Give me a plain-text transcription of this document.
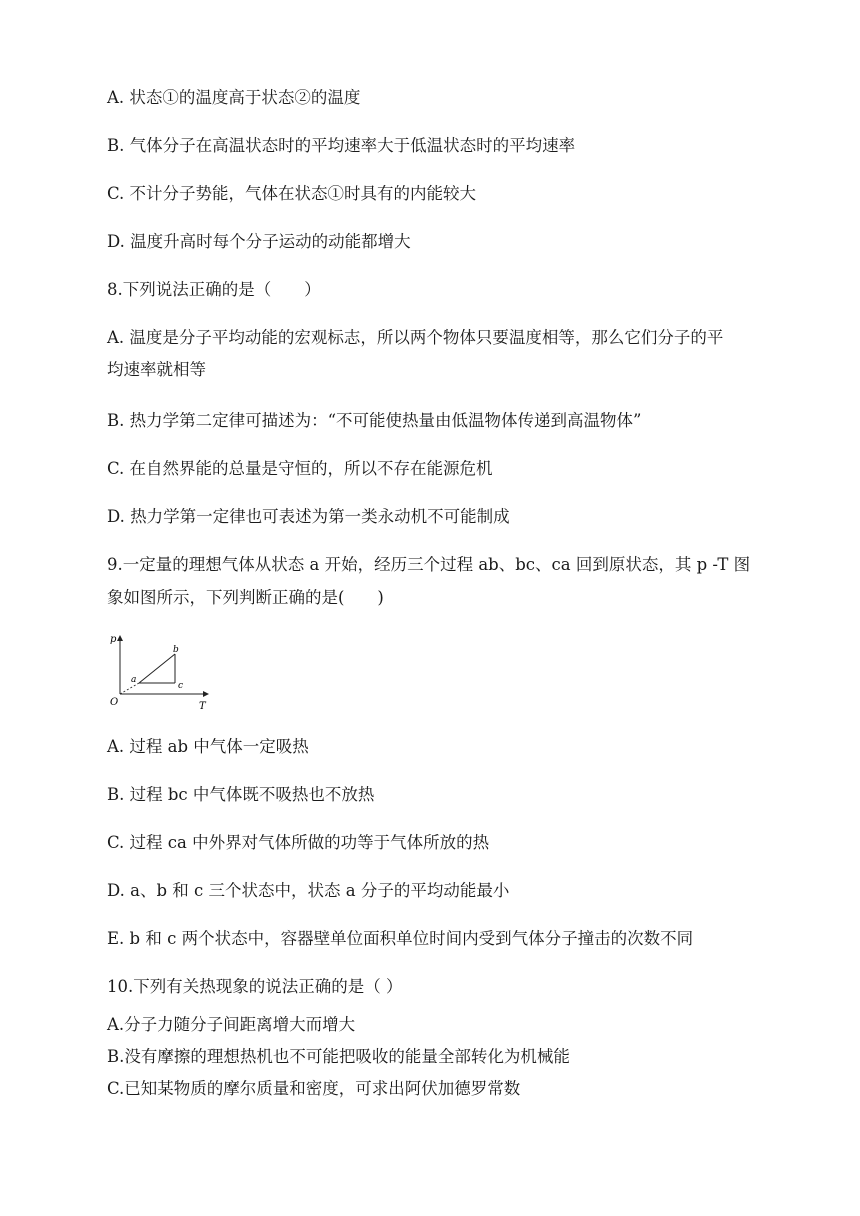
A. 状态①的温度高于状态②的温度

B. 气体分子在高温状态时的平均速率大于低温状态时的平均速率

C. 不计分子势能，气体在状态①时具有的内能较大

D. 温度升高时每个分子运动的动能都增大

8.下列说法正确的是（　　）

A. 温度是分子平均动能的宏观标志，所以两个物体只要温度相等，那么它们分子的平

均速率就相等

B. 热力学第二定律可描述为：“不可能使热量由低温物体传递到高温物体”

C. 在自然界能的总量是守恒的，所以不存在能源危机

D. 热力学第一定律也可表述为第一类永动机不可能制成

9.一定量的理想气体从状态 a 开始，经历三个过程 ab、bc、ca 回到原状态，其 p -T 图

象如图所示，下列判断正确的是(　　)

p
T
O
a
b
c

A. 过程 ab 中气体一定吸热

B. 过程 bc 中气体既不吸热也不放热

C. 过程 ca 中外界对气体所做的功等于气体所放的热

D. a、b 和 c 三个状态中，状态 a 分子的平均动能最小

E. b 和 c 两个状态中，容器壁单位面积单位时间内受到气体分子撞击的次数不同

10.下列有关热现象的说法正确的是（ ）

A.分子力随分子间距离增大而增大

B.没有摩擦的理想热机也不可能把吸收的能量全部转化为机械能

C.已知某物质的摩尔质量和密度，可求出阿伏加德罗常数
